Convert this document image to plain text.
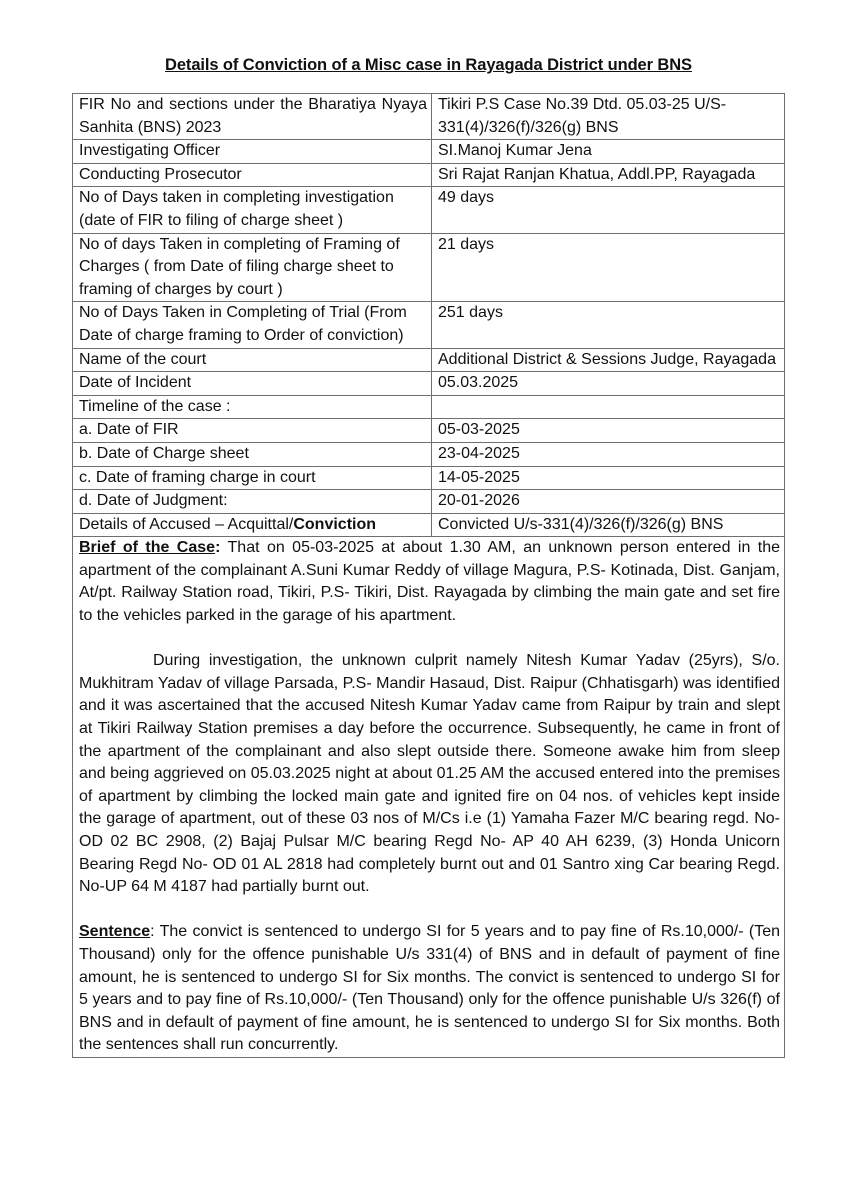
Details of Conviction of a Misc case in Rayagada District under BNS
FIR No and sections under the Bharatiya Nyaya Sanhita (BNS) 2023	Tikiri P.S Case No.39 Dtd. 05.03-25 U/S-331(4)/326(f)/326(g) BNS
Investigating Officer	SI.Manoj Kumar Jena
Conducting Prosecutor	Sri Rajat Ranjan Khatua, Addl.PP, Rayagada
No of Days taken in completing investigation (date of FIR to filing of charge sheet )	49 days
No of days Taken in completing of Framing of Charges ( from Date of filing charge sheet to framing of charges by court )	21 days
No of Days Taken in Completing of Trial (From Date of charge framing to Order of conviction)	251 days
Name of the court	Additional District & Sessions Judge, Rayagada
Date of Incident	05.03.2025
Timeline of the case :	
a. Date of FIR	05-03-2025
b. Date of Charge sheet	23-04-2025
c. Date of framing charge in court	14-05-2025
d. Date of Judgment:	20-01-2026
Details of Accused – Acquittal/Conviction	Convicted U/s-331(4)/326(f)/326(g) BNS

Brief of the Case: That on 05-03-2025 at about 1.30 AM, an unknown person entered in the apartment of the complainant A.Suni Kumar Reddy of village Magura, P.S- Kotinada, Dist. Ganjam, At/pt. Railway Station road, Tikiri, P.S- Tikiri, Dist. Rayagada by climbing the main gate and set fire to the vehicles parked in the garage of his apartment.

During investigation, the unknown culprit namely Nitesh Kumar Yadav (25yrs), S/o. Mukhitram Yadav of village Parsada, P.S- Mandir Hasaud, Dist. Raipur (Chhatisgarh) was identified and it was ascertained that the accused Nitesh Kumar Yadav came from Raipur by train and slept at Tikiri Railway Station premises a day before the occurrence. Subsequently, he came in front of the apartment of the complainant and also slept outside there. Someone awake him from sleep and being aggrieved on 05.03.2025 night at about 01.25 AM the accused entered into the premises of apartment by climbing the locked main gate and ignited fire on 04 nos. of vehicles kept inside the garage of apartment, out of these 03 nos of M/Cs i.e (1) Yamaha Fazer M/C bearing regd. No-OD 02 BC 2908, (2) Bajaj Pulsar M/C bearing Regd No- AP 40 AH 6239, (3) Honda Unicorn Bearing Regd No- OD 01 AL 2818 had completely burnt out and 01 Santro xing Car bearing Regd. No-UP 64 M 4187 had partially burnt out.

Sentence: The convict is sentenced to undergo SI for 5 years and to pay fine of Rs.10,000/- (Ten Thousand) only for the offence punishable U/s 331(4) of BNS and in default of payment of fine amount, he is sentenced to undergo SI for Six months. The convict is sentenced to undergo SI for 5 years and to pay fine of Rs.10,000/- (Ten Thousand) only for the offence punishable U/s 326(f) of BNS and in default of payment of fine amount, he is sentenced to undergo SI for Six months. Both the sentences shall run concurrently.	
